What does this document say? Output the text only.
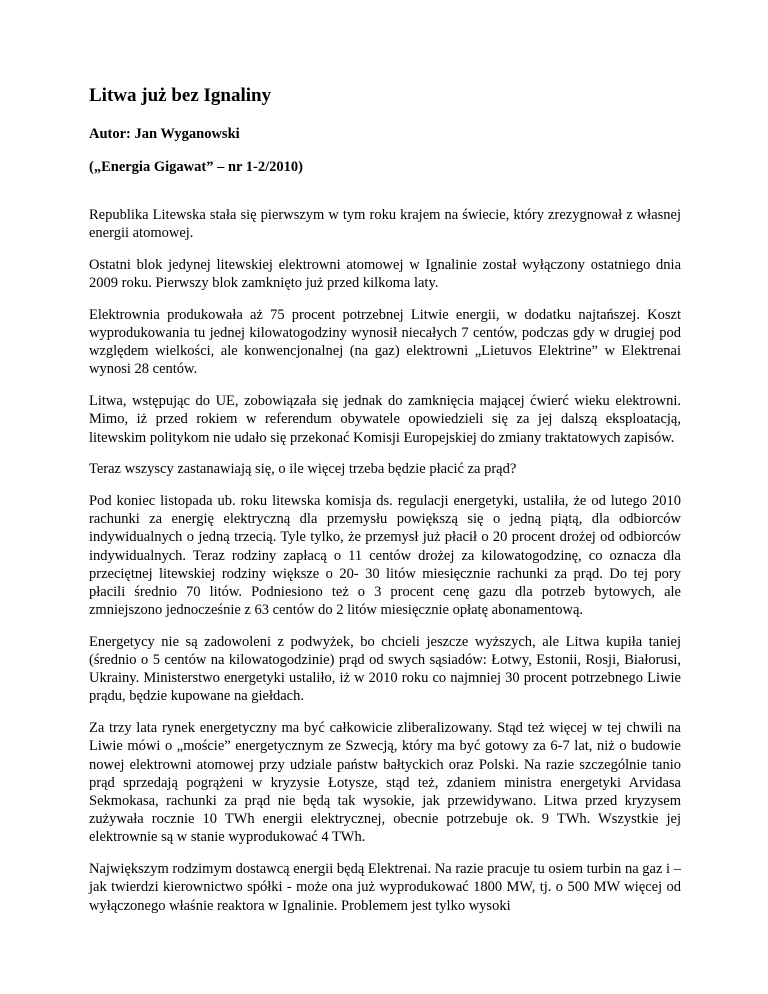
Litwa już bez Ignaliny
Autor: Jan Wyganowski
(„Energia Gigawat” – nr 1-2/2010)

Republika Litewska stała się pierwszym w tym roku krajem na świecie, który zrezygnował z własnej energii atomowej.

Ostatni blok jedynej litewskiej elektrowni atomowej w Ignalinie został wyłączony ostatniego dnia 2009 roku. Pierwszy blok zamknięto już przed kilkoma laty.

Elektrownia produkowała aż 75 procent potrzebnej Litwie energii, w dodatku najtańszej. Koszt wyprodukowania tu jednej kilowatogodziny wynosił niecałych 7 centów, podczas gdy w drugiej pod względem wielkości, ale konwencjonalnej (na gaz) elektrowni „Lietuvos Elektrine” w Elektrenai wynosi 28 centów.

Litwa, wstępując do UE, zobowiązała się jednak do zamknięcia mającej ćwierć wieku elektrowni. Mimo, iż przed rokiem w referendum obywatele opowiedzieli się za jej dalszą eksploatacją, litewskim politykom nie udało się przekonać Komisji Europejskiej do zmiany traktatowych zapisów.

Teraz wszyscy zastanawiają się, o ile więcej trzeba będzie płacić za prąd?

Pod koniec listopada ub. roku litewska komisja ds. regulacji energetyki, ustaliła, że od lutego 2010 rachunki za energię elektryczną dla przemysłu powiększą się o jedną piątą, dla odbiorców indywidualnych o jedną trzecią. Tyle tylko, że przemysł już płacił o 20 procent drożej od odbiorców indywidualnych. Teraz rodziny zapłacą o 11 centów drożej za kilowatogodzinę, co oznacza dla przeciętnej litewskiej rodziny większe o 20- 30 litów miesięcznie rachunki za prąd. Do tej pory płacili średnio 70 litów. Podniesiono też o 3 procent cenę gazu dla potrzeb bytowych, ale zmniejszono jednocześnie z 63 centów do 2 litów miesięcznie opłatę abonamentową.

Energetycy nie są zadowoleni z podwyżek, bo chcieli jeszcze wyższych, ale Litwa kupiła taniej (średnio o 5 centów na kilowatogodzinie) prąd od swych sąsiadów: Łotwy, Estonii, Rosji, Białorusi, Ukrainy. Ministerstwo energetyki ustaliło, iż w 2010 roku co najmniej 30 procent potrzebnego Liwie prądu, będzie kupowane na giełdach.

Za trzy lata rynek energetyczny ma być całkowicie zliberalizowany. Stąd też więcej w tej chwili na Liwie mówi o „moście” energetycznym ze Szwecją, który ma być gotowy za 6-7 lat, niż o budowie nowej elektrowni atomowej przy udziale państw bałtyckich oraz Polski. Na razie szczególnie tanio prąd sprzedają pogrążeni w kryzysie Łotysze, stąd też, zdaniem ministra energetyki Arvidasa Sekmokasa, rachunki za prąd nie będą tak wysokie, jak przewidywano. Litwa przed kryzysem zużywała rocznie 10 TWh energii elektrycznej, obecnie potrzebuje ok. 9 TWh. Wszystkie jej elektrownie są w stanie wyprodukować 4 TWh.

Największym rodzimym dostawcą energii będą Elektrenai. Na razie pracuje tu osiem turbin na gaz i – jak twierdzi kierownictwo spółki - może ona już wyprodukować 1800 MW, tj. o 500 MW więcej od wyłączonego właśnie reaktora w Ignalinie. Problemem jest tylko wysoki
